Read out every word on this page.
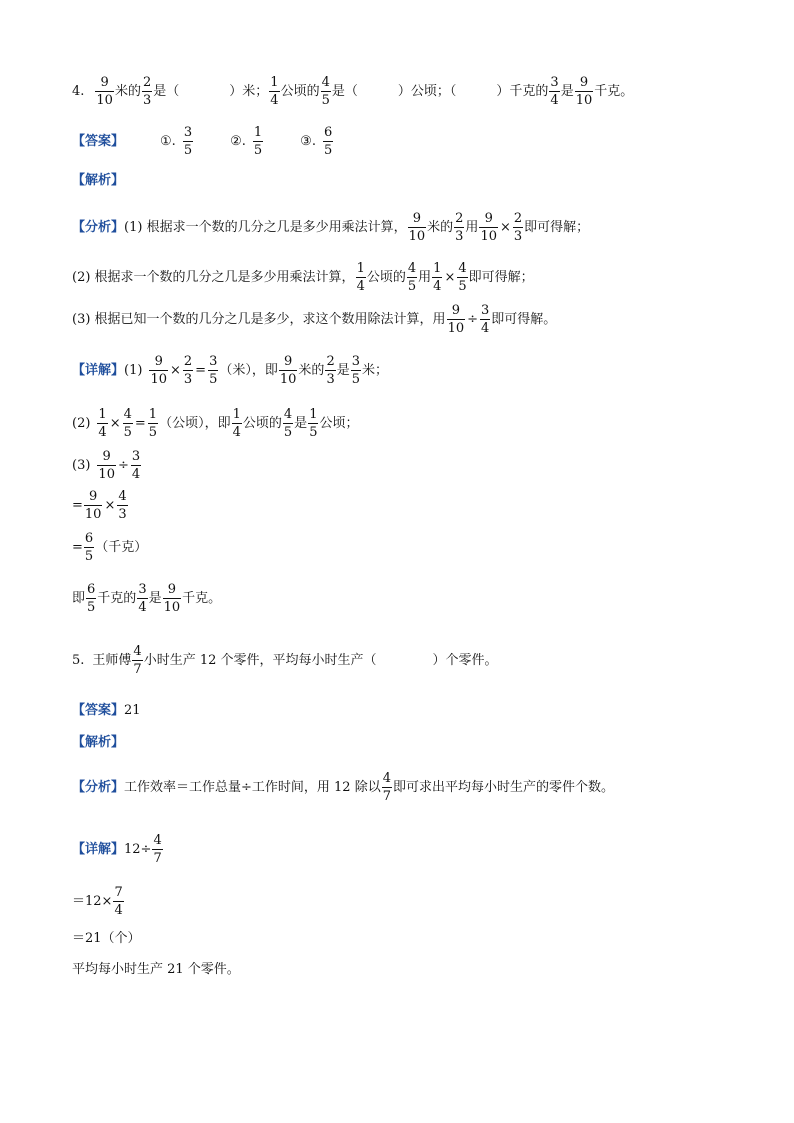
4. $\frac{9}{10}$ 米的 $\frac{2}{3}$ 是（	）米； $\frac{1}{4}$ 公顷的 $\frac{4}{5}$ 是（	）公顷；（	）千克的 $\frac{3}{4}$ 是 $\frac{9}{10}$ 千克。
【答案】	①. $\frac{3}{5}$	②. $\frac{1}{5}$	③. $\frac{6}{5}$
【解析】
【分析】 (1) 根据求一个数的几分之几是多少用乘法计算， $\frac{9}{10}$ 米的 $\frac{2}{3}$ 用 $\frac{9}{10} \times \frac{2}{3}$ 即可得解；
(2) 根据求一个数的几分之几是多少用乘法计算， $\frac{1}{4}$ 公顷的 $\frac{4}{5}$ 用 $\frac{1}{4} \times \frac{4}{5}$ 即可得解；
(3) 根据已知一个数的几分之几是多少，求这个数用除法计算，用 $\frac{9}{10} \div \frac{3}{4}$ 即可得解。
【详解】 $(1) \frac{9}{10} \times \frac{2}{3} = \frac{3}{5}$ （米），即 $\frac{9}{10}$ 米的 $\frac{2}{3}$ 是 $\frac{3}{5}$ 米；
$(2) \frac{1}{4} \times \frac{4}{5} = \frac{1}{5}$ （公顷），即 $\frac{1}{4}$ 公顷的 $\frac{4}{5}$ 是 $\frac{1}{5}$ 公顷；
$(3) \frac{9}{10} \div \frac{3}{4}$
= $\frac{9}{10} \times \frac{4}{3}$
= $\frac{6}{5}$ （千克）
即 $\frac{6}{5}$ 千克的 $\frac{3}{4}$ 是 $\frac{9}{10}$ 千克。
5. 王师傅 $\frac{4}{7}$ 小时生产 12 个零件，平均每小时生产（	）个零件。
【答案】 21
【解析】
【分析】 工作效率＝工作总量÷工作时间，用 12 除以 $\frac{4}{7}$ 即可求出平均每小时生产的零件个数。
【详解】 $12\div \frac{4}{7}$
$=12\times \frac{7}{4}$
＝21（个）
平均每小时生产 21 个零件。
